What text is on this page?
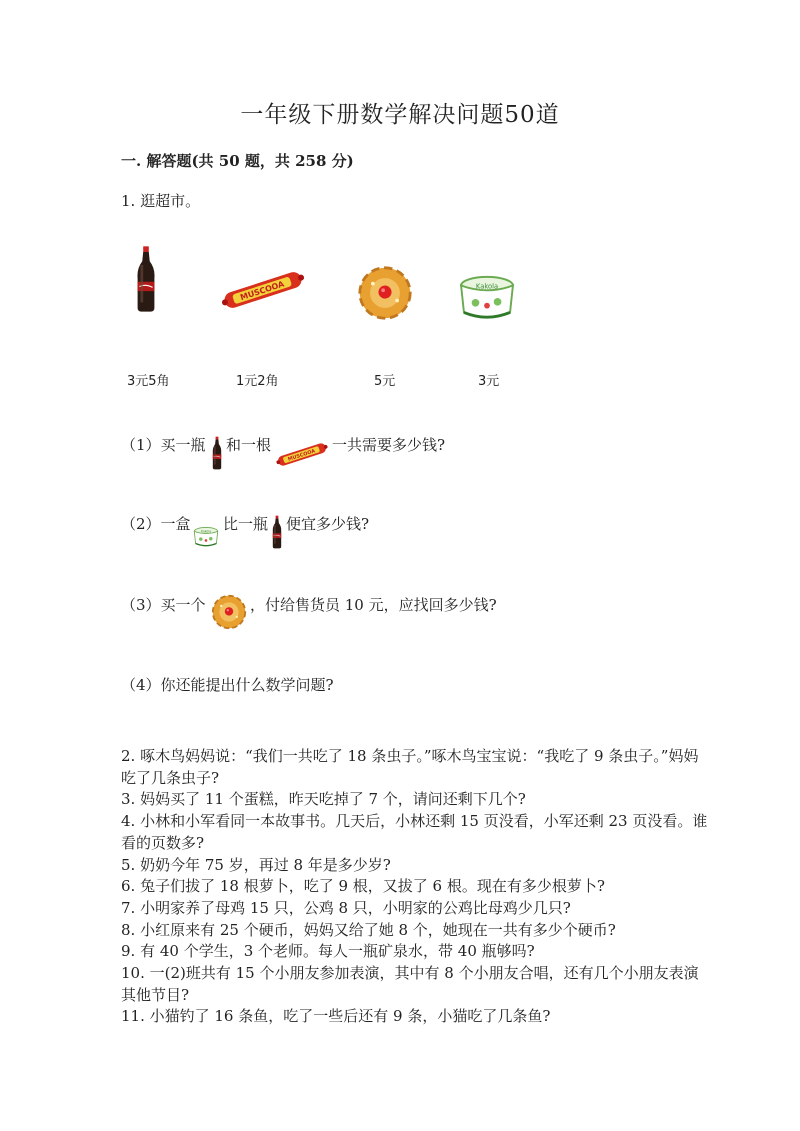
一年级下册数学解决问题50道
一. 解答题(共 50 题，共 258 分)
1. 逛超市。
3元5角	1元2角	5元	3元
（1）买一瓶 和一根	一共需要多少钱?
（2）一盒 比一瓶 便宜多少钱?
（3）买一个	，付给售货员 10 元，应找回多少钱?
（4）你还能提出什么数学问题?

2. 啄木鸟妈妈说：“我们一共吃了 18 条虫子。”啄木鸟宝宝说：“我吃了 9 条虫子。”妈妈吃了几条虫子?

3. 妈妈买了 11 个蛋糕，昨天吃掉了 7 个，请问还剩下几个?

4. 小林和小军看同一本故事书。几天后，小林还剩 15 页没看，小军还剩 23 页没看。谁看的页数多?

5. 奶奶今年 75 岁，再过 8 年是多少岁?

6. 兔子们拔了 18 根萝卜，吃了 9 根，又拔了 6 根。现在有多少根萝卜?

7. 小明家养了母鸡 15 只，公鸡 8 只，小明家的公鸡比母鸡少几只?

8. 小红原来有 25 个硬币，妈妈又给了她 8 个，她现在一共有多少个硬币?

9. 有 40 个学生，3 个老师。每人一瓶矿泉水，带 40 瓶够吗?

10. 一(2)班共有 15 个小朋友参加表演，其中有 8 个小朋友合唱，还有几个小朋友表演其他节目?

11. 小猫钓了 16 条鱼，吃了一些后还有 9 条，小猫吃了几条鱼?
